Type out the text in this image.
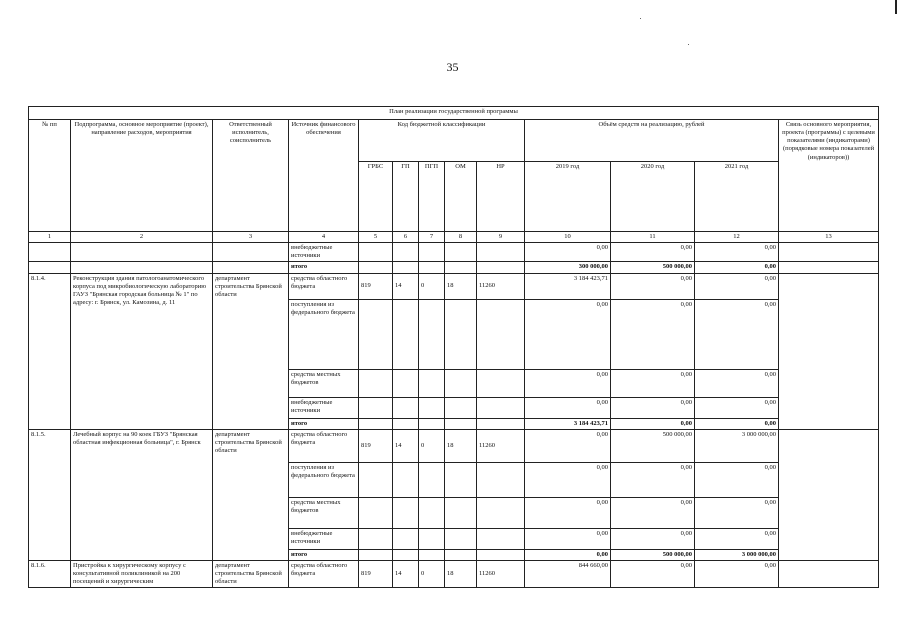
35
План реализации государственной программы												
№ пп	Подпрограмма, основное мероприятие (проект), направление расходов, мероприятия	Ответственный исполнитель, соисполнитель	Источник финансового обеспечения	Код бюджетной классификации					Объём средств на реализацию, рублей			Связь основного мероприятия, проекта (программы) с целевыми показателями (индикаторами) (порядковые номера показателей (индикаторов))
				ГРБС	ГП	ПГП	ОМ	НР	2019 год	2020 год	2021 год	
1	2	3	4	5	6	7	8	9	10	11	12	13
			внебюджетные источники						0,00	0,00	0,00	
			итого						300 000,00	500 000,00	0,00	
8.1.4.	Реконструкция здания патологоанатомического корпуса под микробиологическую лабораторию ГАУЗ "Брянская городская больница № 1" по адресу: г. Брянск, ул. Камозина, д. 11	департамент строительства Брянской области	средства областного бюджета	819	14	0	18	11260	3 184 423,71	0,00	0,00	
			поступления из федерального бюджета						0,00	0,00	0,00	
			средства местных бюджетов						0,00	0,00	0,00	
			внебюджетные источники						0,00	0,00	0,00	
			итого						3 184 423,71	0,00	0,00	
8.1.5.	Лечебный корпус на 90 коек ГБУЗ "Брянская областная инфекционная больница", г. Брянск	департамент строительства Брянской области	средства областного бюджета	819	14	0	18	11260	0,00	500 000,00	3 000 000,00	
			поступления из федерального бюджета						0,00	0,00	0,00	
			средства местных бюджетов						0,00	0,00	0,00	
			внебюджетные источники						0,00	0,00	0,00	
			итого						0,00	500 000,00	3 000 000,00	
8.1.6.	Пристройка к хирургическому корпусу с консультативной поликлиникой на 200 посещений и хирургическим	департамент строительства Брянской области	средства областного бюджета	819	14	0	18	11260	844 660,00	0,00	0,00	
